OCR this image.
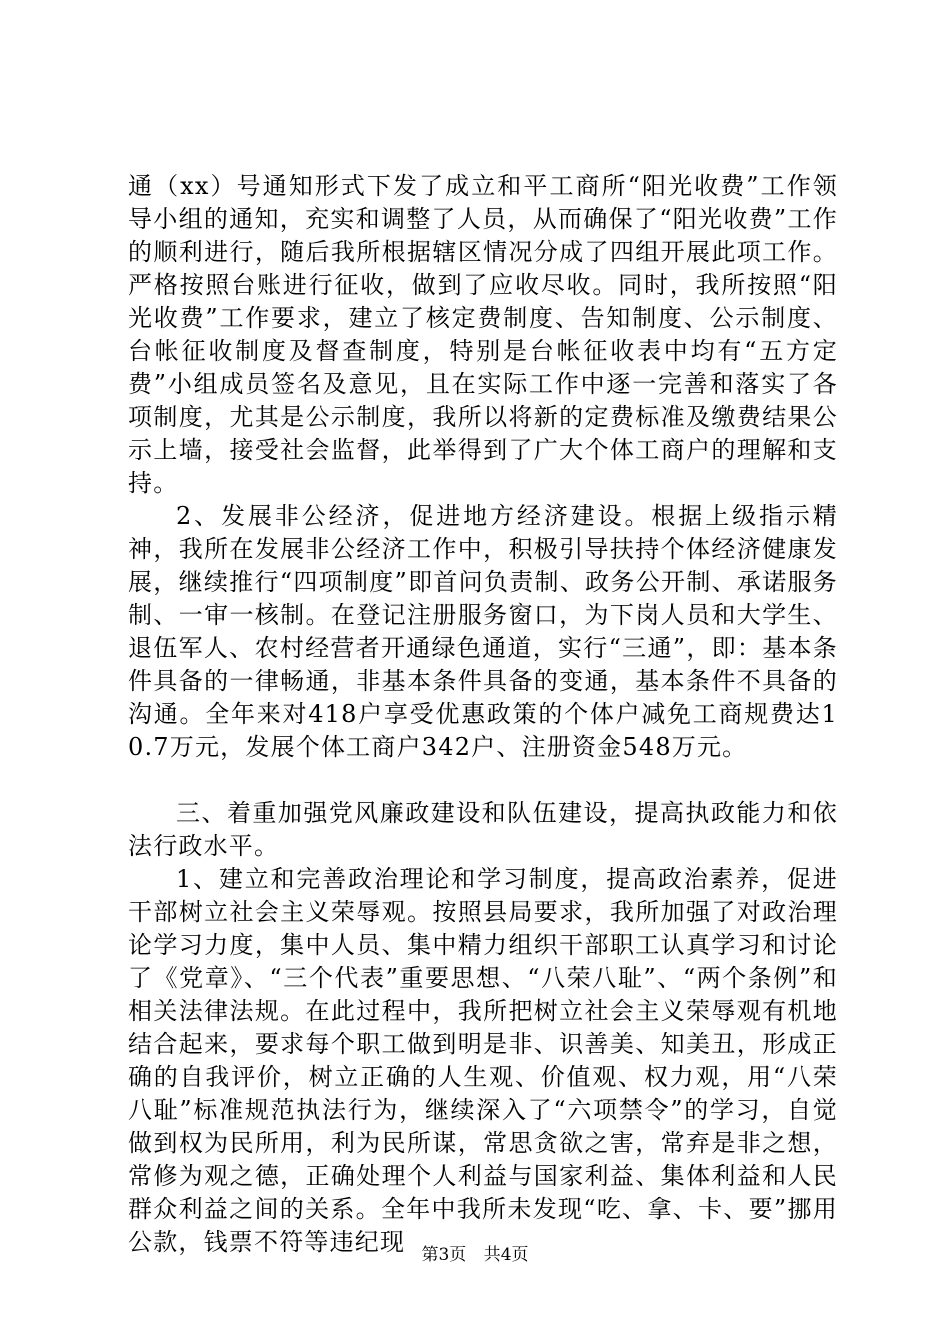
通（xx）号通知形式下发了成立和平工商所“阳光收费”工作领导小组的通知，充实和调整了人员，从而确保了“阳光收费”工作的顺利进行，随后我所根据辖区情况分成了四组开展此项工作。严格按照台账进行征收，做到了应收尽收。同时，我所按照“阳光收费”工作要求，建立了核定费制度、告知制度、公示制度、台帐征收制度及督查制度，特别是台帐征收表中均有“五方定费”小组成员签名及意见，且在实际工作中逐一完善和落实了各项制度，尤其是公示制度，我所以将新的定费标准及缴费结果公示上墙，接受社会监督，此举得到了广大个体工商户的理解和支持。

2、发展非公经济，促进地方经济建设。根据上级指示精神，我所在发展非公经济工作中，积极引导扶持个体经济健康发展，继续推行“四项制度”即首问负责制、政务公开制、承诺服务制、一审一核制。在登记注册服务窗口，为下岗人员和大学生、退伍军人、农村经营者开通绿色通道，实行“三通”，即：基本条件具备的一律畅通，非基本条件具备的变通，基本条件不具备的沟通。全年来对418户享受优惠政策的个体户减免工商规费达10.7万元，发展个体工商户342户、注册资金548万元。

三、着重加强党风廉政建设和队伍建设，提高执政能力和依法行政水平。

1、建立和完善政治理论和学习制度，提高政治素养，促进干部树立社会主义荣辱观。按照县局要求，我所加强了对政治理论学习力度，集中人员、集中精力组织干部职工认真学习和讨论了《党章》、“三个代表”重要思想、“八荣八耻”、“两个条例”和相关法律法规。在此过程中，我所把树立社会主义荣辱观有机地结合起来，要求每个职工做到明是非、识善美、知美丑，形成正确的自我评价，树立正确的人生观、价值观、权力观，用“八荣八耻”标准规范执法行为，继续深入了“六项禁令”的学习，自觉做到权为民所用，利为民所谋，常思贪欲之害，常弃是非之想，常修为观之德，正确处理个人利益与国家利益、集体利益和人民群众利益之间的关系。全年中我所未发现“吃、拿、卡、要”挪用公款，钱票不符等违纪现 第3页 共4页
